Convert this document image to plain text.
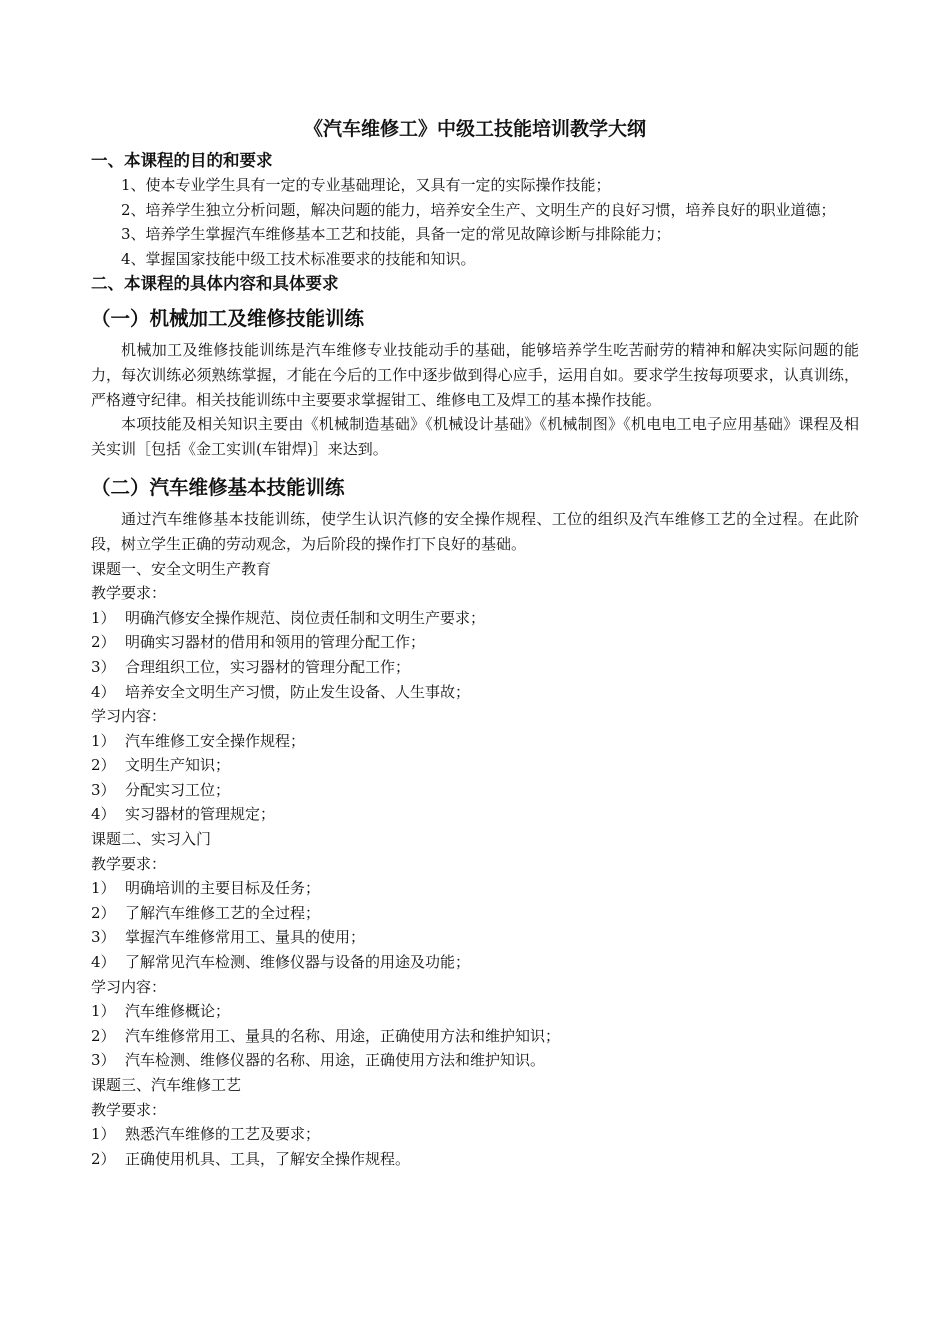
《汽车维修工》中级工技能培训教学大纲
一、本课程的目的和要求
1、使本专业学生具有一定的专业基础理论，又具有一定的实际操作技能；
2、培养学生独立分析问题，解决问题的能力，培养安全生产、文明生产的良好习惯，培养良好的职业道德；
3、培养学生掌握汽车维修基本工艺和技能，具备一定的常见故障诊断与排除能力；
4、掌握国家技能中级工技术标准要求的技能和知识。
二、本课程的具体内容和具体要求
（一）机械加工及维修技能训练
机械加工及维修技能训练是汽车维修专业技能动手的基础，能够培养学生吃苦耐劳的精神和解决实际问题的能力，每次训练必须熟练掌握，才能在今后的工作中逐步做到得心应手，运用自如。要求学生按每项要求，认真训练，严格遵守纪律。相关技能训练中主要要求掌握钳工、维修电工及焊工的基本操作技能。
本项技能及相关知识主要由《机械制造基础》《机械设计基础》《机械制图》《机电电工电子应用基础》课程及相关实训［包括《金工实训(车钳焊)］来达到。
（二）汽车维修基本技能训练
通过汽车维修基本技能训练，使学生认识汽修的安全操作规程、工位的组织及汽车维修工艺的全过程。在此阶段，树立学生正确的劳动观念，为后阶段的操作打下良好的基础。
课题一、安全文明生产教育
教学要求：
1） 明确汽修安全操作规范、岗位责任制和文明生产要求；
2） 明确实习器材的借用和领用的管理分配工作；
3） 合理组织工位，实习器材的管理分配工作；
4） 培养安全文明生产习惯，防止发生设备、人生事故；
学习内容：
1） 汽车维修工安全操作规程；
2） 文明生产知识；
3） 分配实习工位；
4） 实习器材的管理规定；
课题二、实习入门
教学要求：
1） 明确培训的主要目标及任务；
2） 了解汽车维修工艺的全过程；
3） 掌握汽车维修常用工、量具的使用；
4） 了解常见汽车检测、维修仪器与设备的用途及功能；
学习内容：
1） 汽车维修概论；
2） 汽车维修常用工、量具的名称、用途，正确使用方法和维护知识；
3） 汽车检测、维修仪器的名称、用途，正确使用方法和维护知识。
课题三、汽车维修工艺
教学要求：
1） 熟悉汽车维修的工艺及要求；
2） 正确使用机具、工具，了解安全操作规程。
